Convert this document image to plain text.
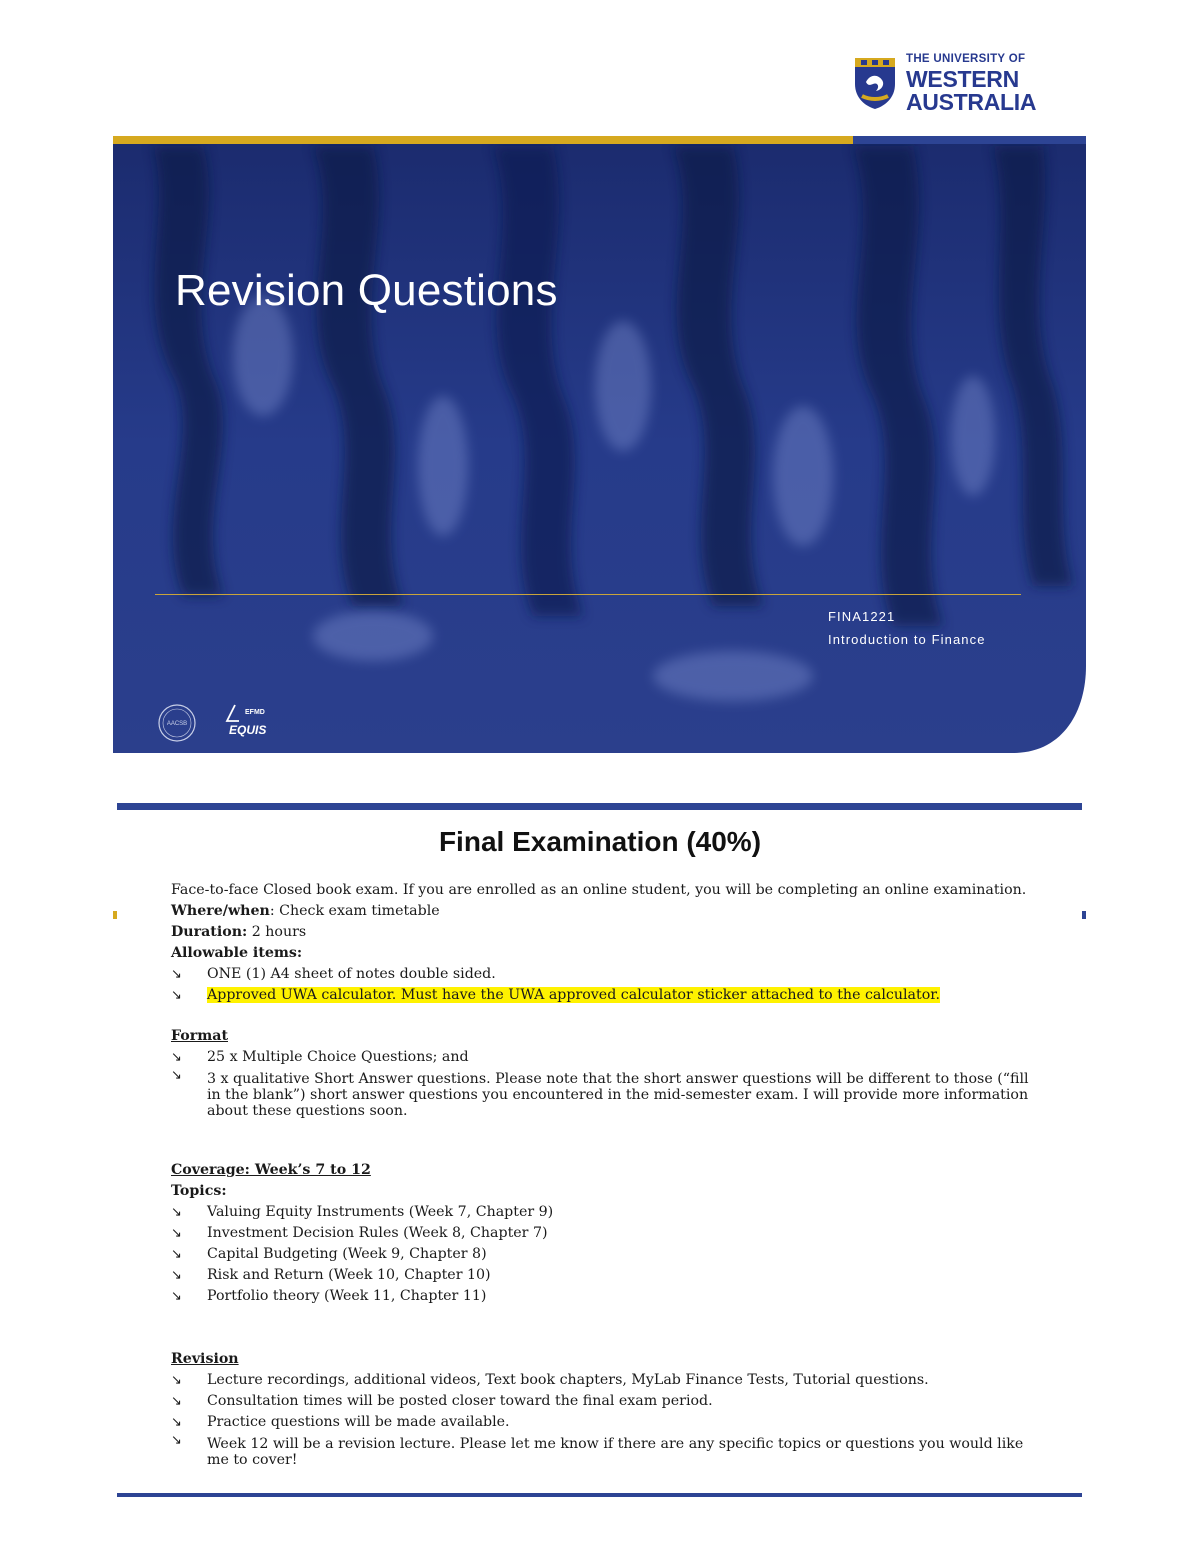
THE UNIVERSITY OF
WESTERN
AUSTRALIA
Revision Questions
FINA1221
Introduction to Finance
AACSB
EFMD
EQUIS
Final Examination (40%)

Face-to-face Closed book exam. If you are enrolled as an online student, you will be completing an online examination.

Where/when: Check exam timetable

Duration: 2 hours

Allowable items:

↘ ONE (1) A4 sheet of notes double sided.
↘ Approved UWA calculator. Must have the UWA approved calculator sticker attached to the calculator.

Format

↘ 25 x Multiple Choice Questions; and
↘ 3 x qualitative Short Answer questions. Please note that the short answer questions will be different to those (“fill in the blank”) short answer questions you encountered in the mid-semester exam. I will provide more information about these questions soon.

Coverage: Week’s 7 to 12

Topics:

↘ Valuing Equity Instruments (Week 7, Chapter 9)
↘ Investment Decision Rules (Week 8, Chapter 7)
↘ Capital Budgeting (Week 9, Chapter 8)
↘ Risk and Return (Week 10, Chapter 10)
↘ Portfolio theory (Week 11, Chapter 11)

Revision

↘ Lecture recordings, additional videos, Text book chapters, MyLab Finance Tests, Tutorial questions.
↘ Consultation times will be posted closer toward the final exam period.
↘ Practice questions will be made available.
↘ Week 12 will be a revision lecture. Please let me know if there are any specific topics or questions you would like me to cover!
